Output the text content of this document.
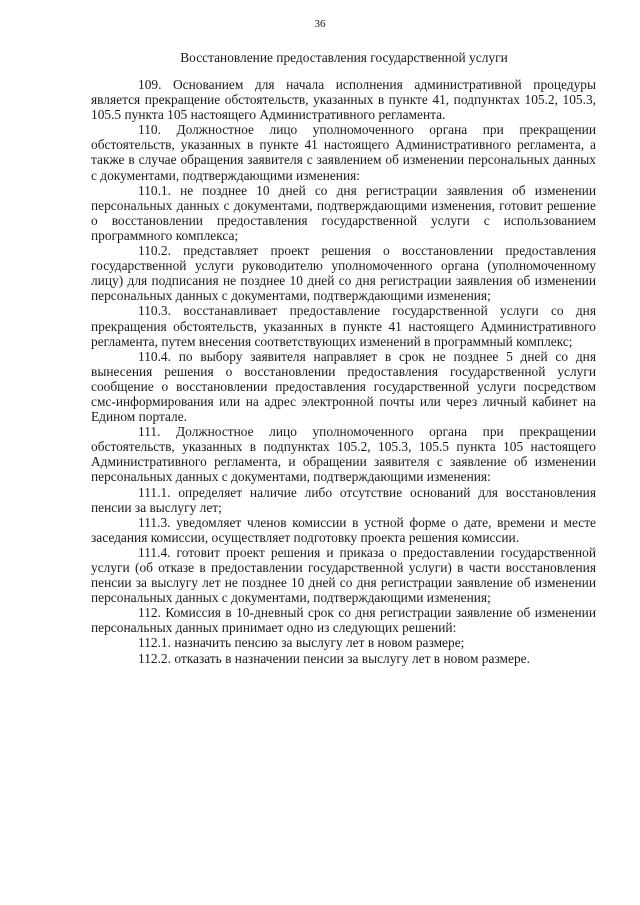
36
Восстановление предоставления государственной услуги

109. Основанием для начала исполнения административной процедуры является прекращение обстоятельств, указанных в пункте 41, подпунктах 105.2, 105.3, 105.5 пункта 105 настоящего Административного регламента.

110. Должностное лицо уполномоченного органа при прекращении обстоятельств, указанных в пункте 41 настоящего Административного регламента, а также в случае обращения заявителя с заявлением об изменении персональных данных с документами, подтверждающими изменения:

110.1. не позднее 10 дней со дня регистрации заявления об изменении персональных данных с документами, подтверждающими изменения, готовит решение о восстановлении предоставления государственной услуги с использованием программного комплекса;

110.2. представляет проект решения о восстановлении предоставления государственной услуги руководителю уполномоченного органа (уполномоченному лицу) для подписания не позднее 10 дней со дня регистрации заявления об изменении персональных данных с документами, подтверждающими изменения;

110.3. восстанавливает предоставление государственной услуги со дня прекращения обстоятельств, указанных в пункте 41 настоящего Административного регламента, путем внесения соответствующих изменений в программный комплекс;

110.4. по выбору заявителя направляет в срок не позднее 5 дней со дня вынесения решения о восстановлении предоставления государственной услуги сообщение о восстановлении предоставления государственной услуги посредством смс-информирования или на адрес электронной почты или через личный кабинет на Едином портале.

111. Должностное лицо уполномоченного органа при прекращении обстоятельств, указанных в подпунктах 105.2, 105.3, 105.5 пункта 105 настоящего Административного регламента, и обращении заявителя с заявление об изменении персональных данных с документами, подтверждающими изменения:

111.1. определяет наличие либо отсутствие оснований для восстановления пенсии за выслугу лет;

111.3. уведомляет членов комиссии в устной форме о дате, времени и месте заседания комиссии, осуществляет подготовку проекта решения комиссии.

111.4. готовит проект решения и приказа о предоставлении государственной услуги (об отказе в предоставлении государственной услуги) в части восстановления пенсии за выслугу лет не позднее 10 дней со дня регистрации заявление об изменении персональных данных с документами, подтверждающими изменения;

112. Комиссия в 10-дневный срок со дня регистрации заявление об изменении персональных данных принимает одно из следующих решений:

112.1. назначить пенсию за выслугу лет в новом размере;

112.2. отказать в назначении пенсии за выслугу лет в новом размере.
